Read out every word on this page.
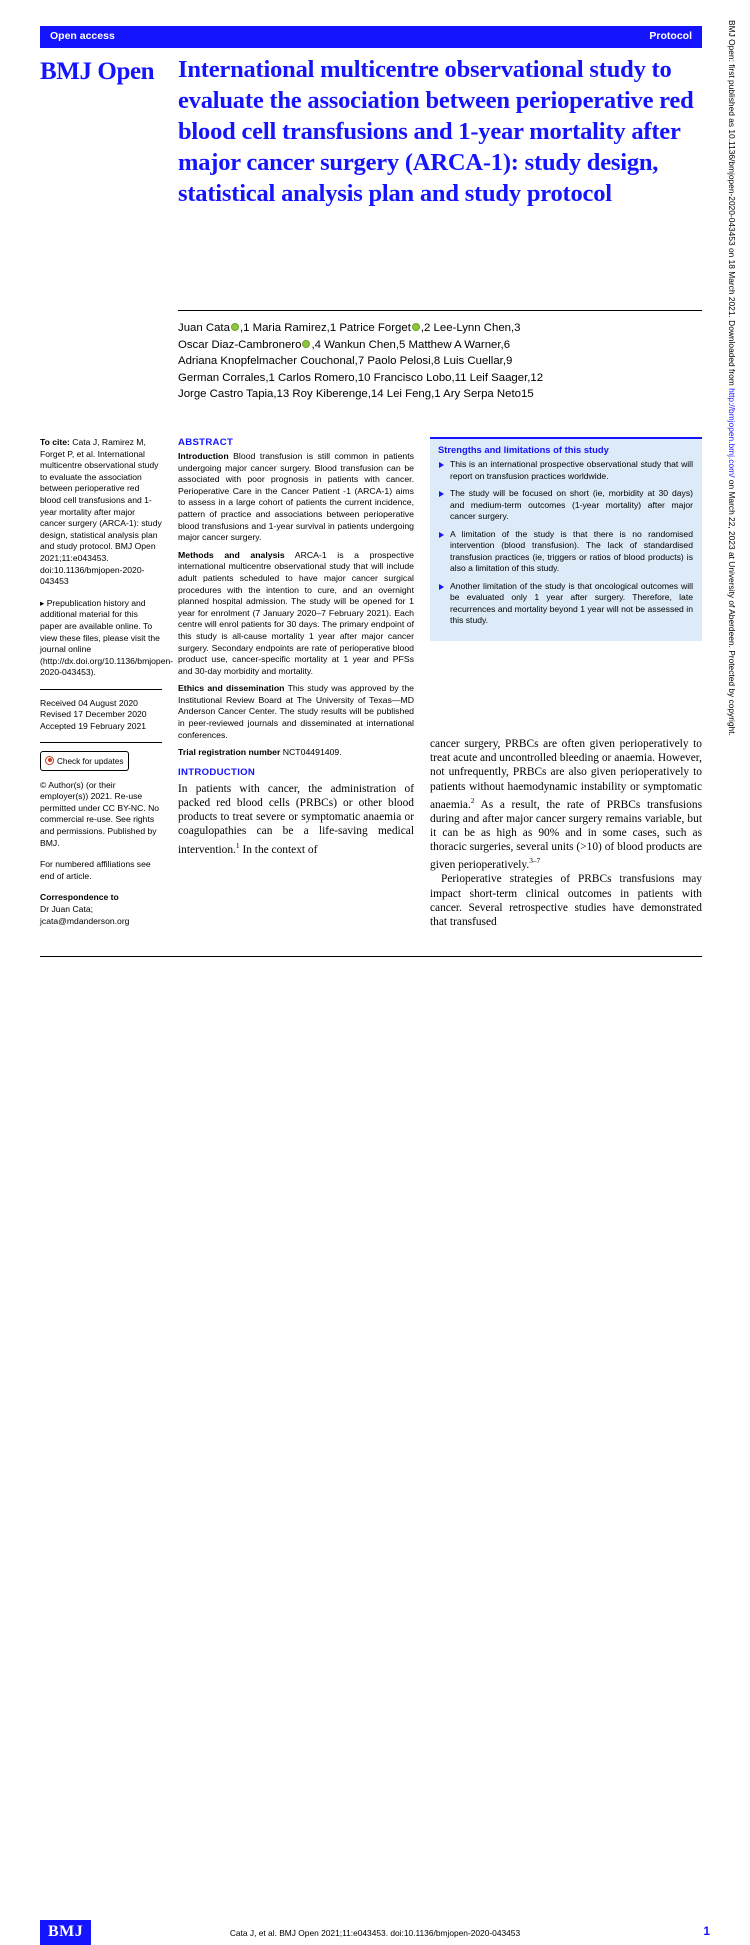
Open access	Protocol	BMJ Open: first published as 10.1136/bmjopen-2020-043453 on 18 March 2021. Downloaded from http://bmjopen.bmj.com/ on March 22, 2023 at University of Aberdeen. Protected by copyright.
BMJ Open International multicentre observational study to evaluate the association between perioperative red blood cell transfusions and 1-year mortality after major cancer surgery (ARCA-1): study design, statistical analysis plan and study protocol
Juan Cata ,1 Maria Ramirez,1 Patrice Forget ,2 Lee-Lynn Chen,3
Oscar Diaz-Cambronero ,4 Wankun Chen,5 Matthew A Warner,6
Adriana Knopfelmacher Couchonal,7 Paolo Pelosi,8 Luis Cuellar,9
German Corrales,1 Carlos Romero,10 Francisco Lobo,11 Leif Saager,12
Jorge Castro Tapia,13 Roy Kiberenge,14 Lei Feng,1 Ary Serpa Neto15
To cite: Cata J, Ramirez M, Forget P, et al. International multicentre observational study to evaluate the association between perioperative red blood cell transfusions and 1-year mortality after major cancer surgery (ARCA-1): study design, statistical analysis plan and study protocol. BMJ Open 2021;11:e043453. doi:10.1136/bmjopen-2020-043453
▸ Prepublication history and additional material for this paper are available online. To view these files, please visit the journal online (http://dx.doi.org/10.1136/bmjopen-2020-043453).
Received 04 August 2020
Revised 17 December 2020
Accepted 19 February 2021
Check for updates
© Author(s) (or their employer(s)) 2021. Re-use permitted under CC BY-NC. No commercial re-use. See rights and permissions. Published by BMJ.
For numbered affiliations see end of article.
Correspondence to
Dr Juan Cata; jcata@mdanderson.org
ABSTRACT

Introduction Blood transfusion is still common in patients undergoing major cancer surgery. Blood transfusion can be associated with poor prognosis in patients with cancer. Perioperative Care in the Cancer Patient -1 (ARCA-1) aims to assess in a large cohort of patients the current incidence, pattern of practice and associations between perioperative blood transfusions and 1-year survival in patients undergoing major cancer surgery.

Methods and analysis ARCA-1 is a prospective international multicentre observational study that will include adult patients scheduled to have major cancer surgical procedures with the intention to cure, and an overnight planned hospital admission. The study will be opened for 1 year for enrolment (7 January 2020–7 February 2021). Each centre will enrol patients for 30 days. The primary endpoint of this study is all-cause mortality 1 year after major cancer surgery. Secondary endpoints are rate of perioperative blood product use, cancer-specific mortality at 1 year and PFSs and 30-day morbidity and mortality.

Ethics and dissemination This study was approved by the Institutional Review Board at The University of Texas—MD Anderson Cancer Center. The study results will be published in peer-reviewed journals and disseminated at international conferences.

Trial registration number NCT04491409.

INTRODUCTION

In patients with cancer, the administration of packed red blood cells (PRBCs) or other blood products to treat severe or symptomatic anaemia or coagulopathies can be a life-saving medical intervention.$^1$ In the context of

Strengths and limitations of this study
This is an international prospective observational study that will report on transfusion practices worldwide.
The study will be focused on short (ie, morbidity at 30 days) and medium-term outcomes (1-year mortality) after major cancer surgery.
A limitation of the study is that there is no randomised intervention (blood transfusion). The lack of standardised transfusion practices (ie, triggers or ratios of blood products) is also a limitation of this study.
Another limitation of the study is that oncological outcomes will be evaluated only 1 year after surgery. Therefore, late recurrences and mortality beyond 1 year will not be assessed in this study.

cancer surgery, PRBCs are often given perioperatively to treat acute and uncontrolled bleeding or anaemia. However, not unfrequently, PRBCs are also given perioperatively to patients without haemodynamic instability or symptomatic anaemia.$^2$ As a result, the rate of PRBCs transfusions during and after major cancer surgery remains variable, but it can be as high as 90% and in some cases, such as thoracic surgeries, several units (>10) of blood products are given perioperatively.$^{3-7}$

Perioperative strategies of PRBCs transfusions may impact short-term clinical outcomes in patients with cancer. Several retrospective studies have demonstrated that transfused

BMJ	Cata J, et al. BMJ Open 2021;11:e043453. doi:10.1136/bmjopen-2020-043453	1
